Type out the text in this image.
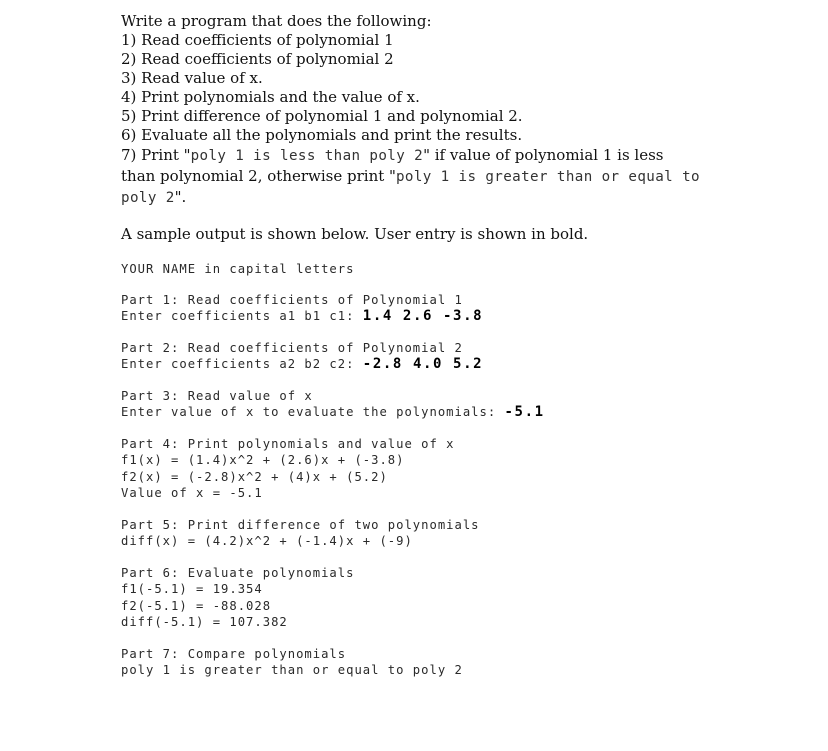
Write a program that does the following:
1) Read coefficients of polynomial 1
2) Read coefficients of polynomial 2
3) Read value of x.
4) Print polynomials and the value of x.
5) Print difference of polynomial 1 and polynomial 2.
6) Evaluate all the polynomials and print the results.
7) Print "poly 1 is less than poly 2" if value of polynomial 1 is less than polynomial 2, otherwise print "poly 1 is greater than or equal to poly 2".
A sample output is shown below. User entry is shown in bold.
YOUR NAME in capital letters
Part 1: Read coefficients of Polynomial 1
Enter coefficients a1 b1 c1: 1.4 2.6 -3.8
Part 2: Read coefficients of Polynomial 2
Enter coefficients a2 b2 c2: -2.8 4.0 5.2
Part 3: Read value of x
Enter value of x to evaluate the polynomials: -5.1
Part 4: Print polynomials and value of x
f1(x) = (1.4)x^2 + (2.6)x + (-3.8)
f2(x) = (-2.8)x^2 + (4)x + (5.2)
Value of x = -5.1
Part 5: Print difference of two polynomials
diff(x) = (4.2)x^2 + (-1.4)x + (-9)
Part 6: Evaluate polynomials
f1(-5.1) = 19.354
f2(-5.1) = -88.028
diff(-5.1) = 107.382
Part 7: Compare polynomials
poly 1 is greater than or equal to poly 2
